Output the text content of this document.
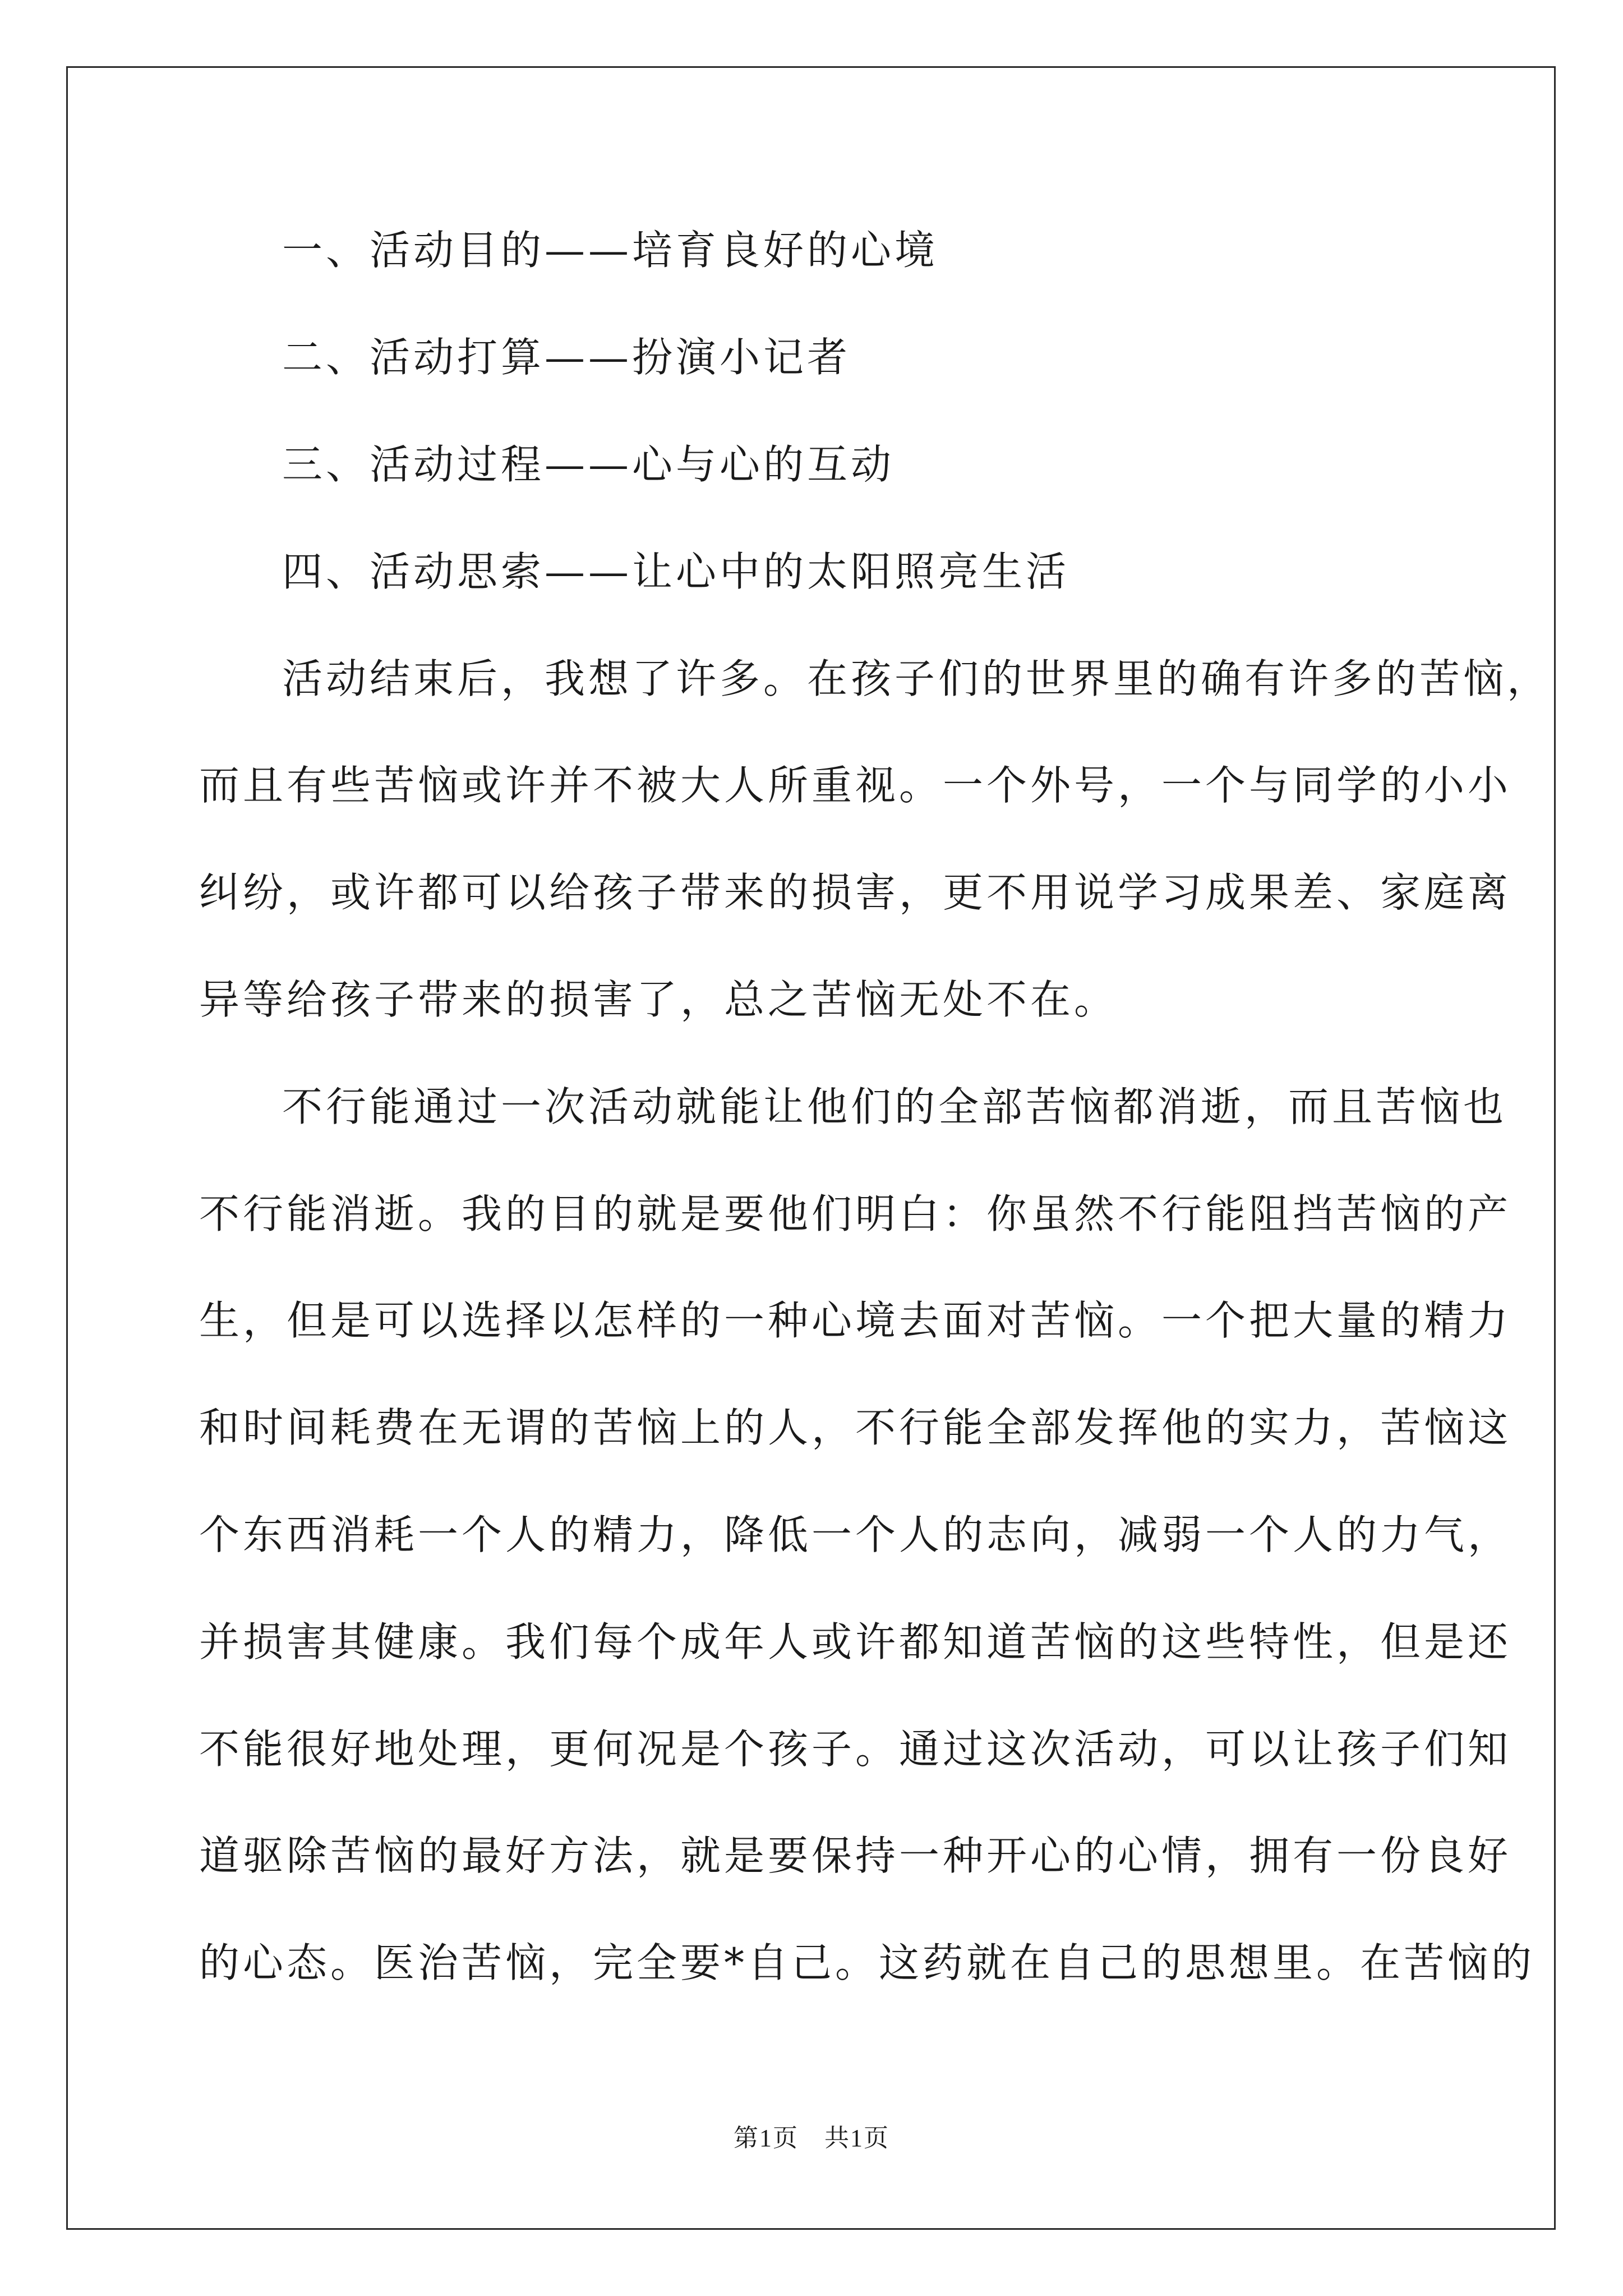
一、活动目的——培育良好的心境
二、活动打算——扮演小记者
三、活动过程——心与心的互动
四、活动思索——让心中的太阳照亮生活
活动结束后，我想了许多。在孩子们的世界里的确有许多的苦恼，
而且有些苦恼或许并不被大人所重视。一个外号，一个与同学的小小
纠纷，或许都可以给孩子带来的损害，更不用说学习成果差、家庭离
异等给孩子带来的损害了，总之苦恼无处不在。
不行能通过一次活动就能让他们的全部苦恼都消逝，而且苦恼也
不行能消逝。我的目的就是要他们明白：你虽然不行能阻挡苦恼的产
生，但是可以选择以怎样的一种心境去面对苦恼。一个把大量的精力
和时间耗费在无谓的苦恼上的人，不行能全部发挥他的实力，苦恼这
个东西消耗一个人的精力，降低一个人的志向，减弱一个人的力气，
并损害其健康。我们每个成年人或许都知道苦恼的这些特性，但是还
不能很好地处理，更何况是个孩子。通过这次活动，可以让孩子们知
道驱除苦恼的最好方法，就是要保持一种开心的心情，拥有一份良好
的心态。医治苦恼，完全要*自己。这药就在自己的思想里。在苦恼的
第1页　共1页
